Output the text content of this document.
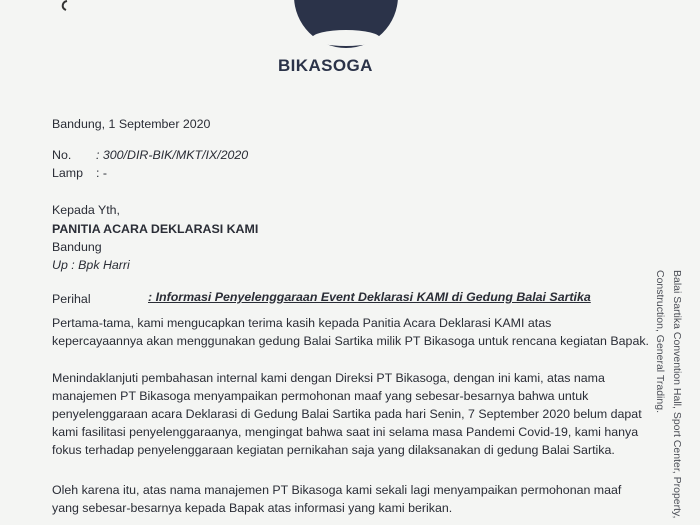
BIKASOGA
Bandung, 1 September 2020
No. : 300/DIR-BIK/MKT/IX/2020
Lamp : -
Kepada Yth,
PANITIA ACARA DEKLARASI KAMI
Bandung
Up : Bpk Harri
Perihal	: Informasi Penyelenggaraan Event Deklarasi KAMI di Gedung Balai Sartika
Pertama-tama, kami mengucapkan terima kasih kepada Panitia Acara Deklarasi KAMI atas
kepercayaannya akan menggunakan gedung Balai Sartika milik PT Bikasoga untuk rencana kegiatan Bapak.
Menindaklanjuti pembahasan internal kami dengan Direksi PT Bikasoga, dengan ini kami, atas nama
manajemen PT Bikasoga menyampaikan permohonan maaf yang sebesar-besarnya bahwa untuk
penyelenggaraan acara Deklarasi di Gedung Balai Sartika pada hari Senin, 7 September 2020 belum dapat
kami fasilitasi penyelenggaraanya, mengingat bahwa saat ini selama masa Pandemi Covid-19, kami hanya
fokus terhadap penyelenggaraan kegiatan pernikahan saja yang dilaksanakan di gedung Balai Sartika.
Oleh karena itu, atas nama manajemen PT Bikasoga kami sekali lagi menyampaikan permohonan maaf
yang sebesar-besarnya kepada Bapak atas informasi yang kami berikan.	Balai Sartika Convention Hall, Sport Center, Property, Construction, General Trading.
